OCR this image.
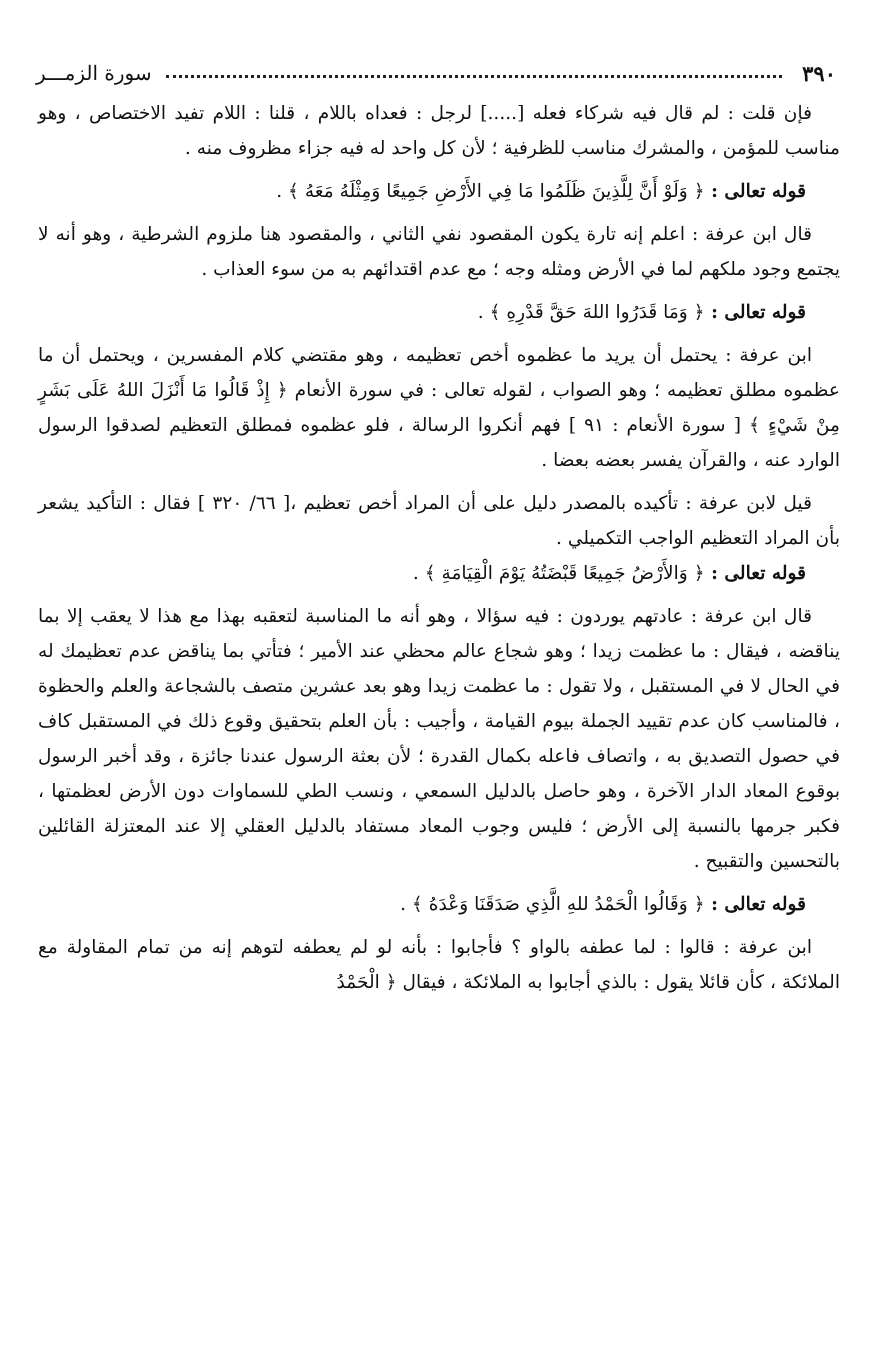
٣٩٠
سورة الزمـــر

فإن قلت : لم قال فيه شركاء فعله [.....] لرجل : فعداه باللام ، قلنا : اللام تفيد الاختصاص ، وهو مناسب للمؤمن ، والمشرك مناسب للظرفية ؛ لأن كل واحد له فيه جزاء مظروف منه .

قوله تعالى : ﴿ وَلَوْ أَنَّ لِلَّذِينَ ظَلَمُوا مَا فِي الأَرْضِ جَمِيعًا وَمِثْلَهُ مَعَهُ ﴾ .

قال ابن عرفة : اعلم إنه تارة يكون المقصود نفي الثاني ، والمقصود هنا ملزوم الشرطية ، وهو أنه لا يجتمع وجود ملكهم لما في الأرض ومثله وجه ؛ مع عدم اقتدائهم به من سوء العذاب .

قوله تعالى : ﴿ وَمَا قَدَرُوا اللهَ حَقَّ قَدْرِهِ ﴾ .

ابن عرفة : يحتمل أن يريد ما عظموه أخص تعظيمه ، وهو مقتضي كلام المفسرين ، ويحتمل أن ما عظموه مطلق تعظيمه ؛ وهو الصواب ، لقوله تعالى : في سورة الأنعام ﴿ إِذْ قَالُوا مَا أَنْزَلَ اللهُ عَلَى بَشَرٍ مِنْ شَيْءٍ ﴾ [ سورة الأنعام : ٩١ ] فهم أنكروا الرسالة ، فلو عظموه فمطلق التعظيم لصدقوا الرسول الوارد عنه ، والقرآن يفسر بعضه بعضا .

قيل لابن عرفة : تأكيده بالمصدر دليل على أن المراد أخص تعظيم ،[ ٦٦/ ٣٢٠ ] فقال : التأكيد يشعر بأن المراد التعظيم الواجب التكميلي .

قوله تعالى : ﴿ وَالأَرْضُ جَمِيعًا قَبْضَتُهُ يَوْمَ الْقِيَامَةِ ﴾ .

قال ابن عرفة : عادتهم يوردون : فيه سؤالا ، وهو أنه ما المناسبة لتعقبه بهذا مع هذا لا يعقب إلا بما يناقضه ، فيقال : ما عظمت زيدا ؛ وهو شجاع عالم محظي عند الأمير ؛ فتأتي بما يناقض عدم تعظيمك له في الحال لا في المستقبل ، ولا تقول : ما عظمت زيدا وهو بعد عشرين متصف بالشجاعة والعلم والحظوة ، فالمناسب كان عدم تقييد الجملة بيوم القيامة ، وأجيب : بأن العلم بتحقيق وقوع ذلك في المستقبل كاف في حصول التصديق به ، واتصاف فاعله بكمال القدرة ؛ لأن بعثة الرسول عندنا جائزة ، وقد أخبر الرسول بوقوع المعاد الدار الآخرة ، وهو حاصل بالدليل السمعي ، ونسب الطي للسماوات دون الأرض لعظمتها ، فكبر جرمها بالنسبة إلى الأرض ؛ فليس وجوب المعاد مستفاد بالدليل العقلي إلا عند المعتزلة القائلين بالتحسين والتقبيح .

قوله تعالى : ﴿ وَقَالُوا الْحَمْدُ للهِ الَّذِي صَدَقَنَا وَعْدَهُ ﴾ .

ابن عرفة : قالوا : لما عطفه بالواو ؟ فأجابوا : بأنه لو لم يعطفه لتوهم إنه من تمام المقاولة مع الملائكة ، كأن قائلا يقول : بالذي أجابوا به الملائكة ، فيقال ﴿ الْحَمْدُ
